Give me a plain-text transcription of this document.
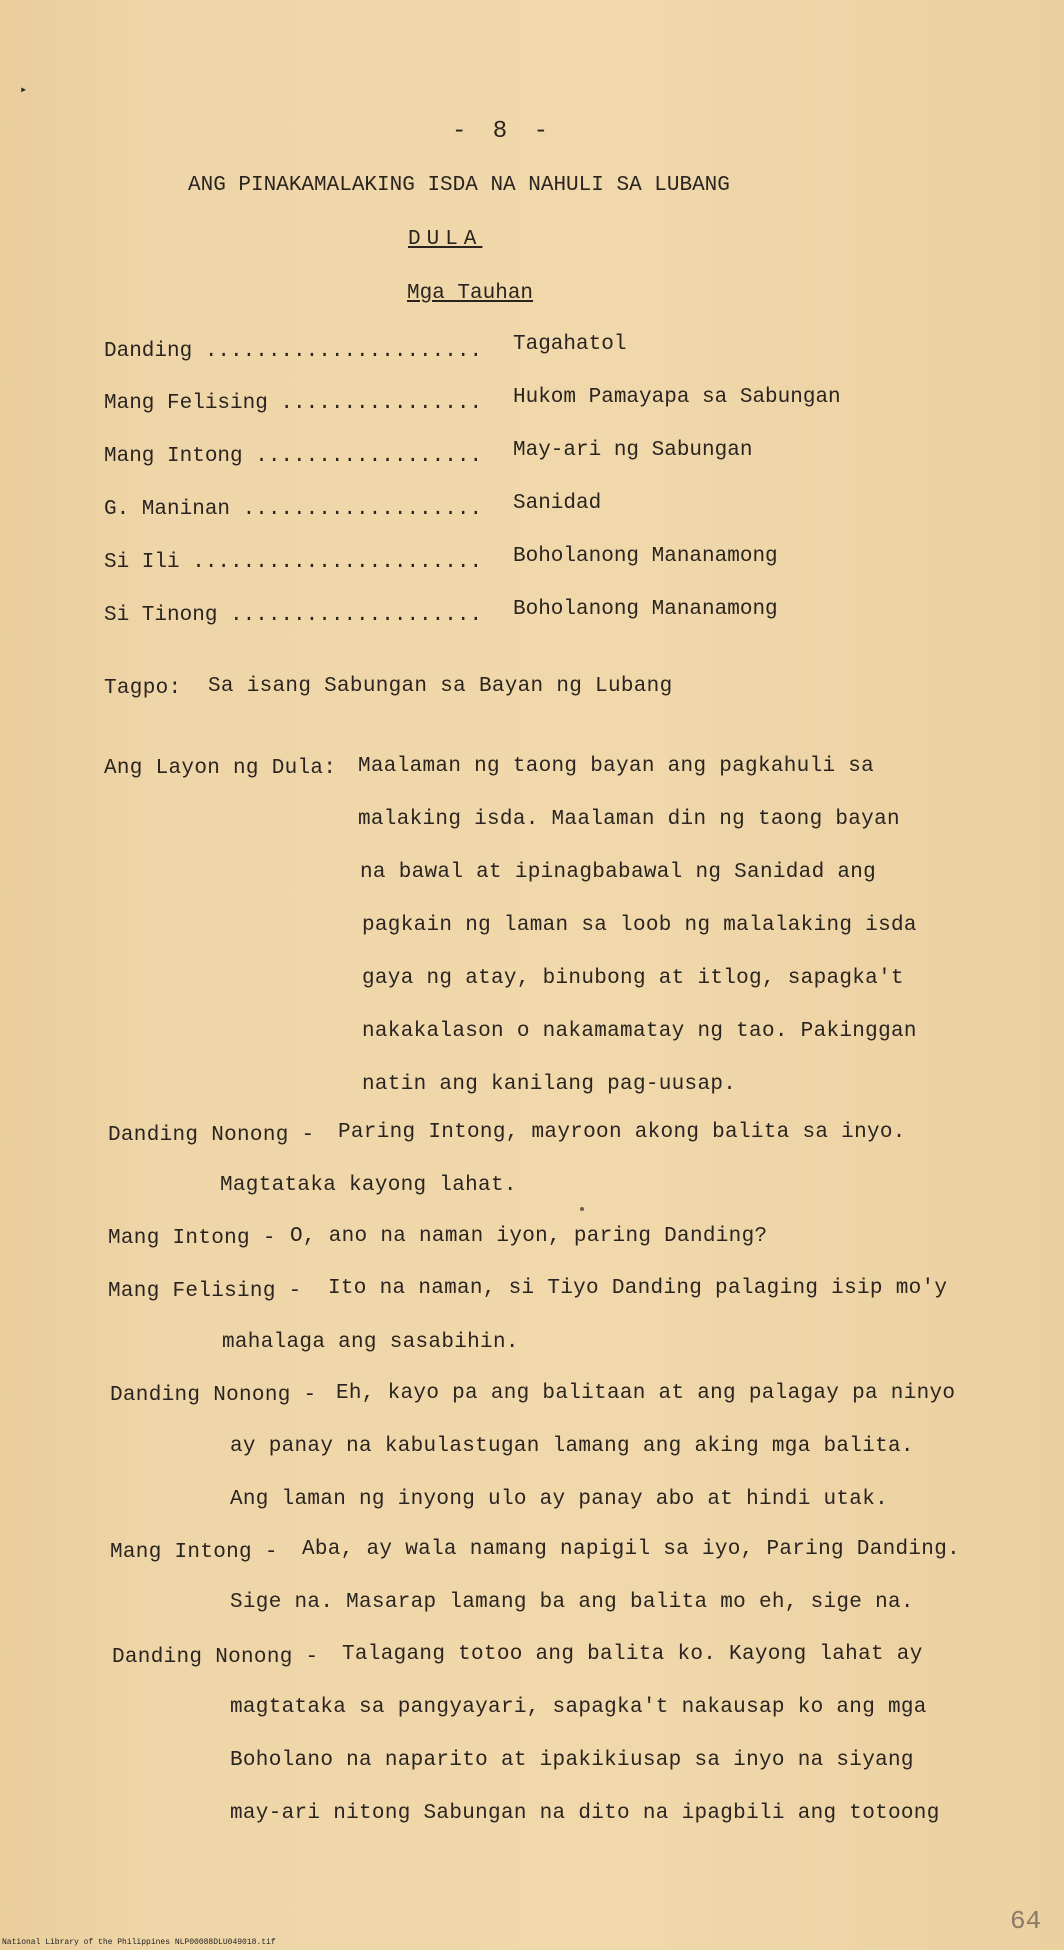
▸
- 8 -
ANG PINAKAMALAKING ISDA NA NAHULI SA LUBANG
DULA
Mga Tauhan
Danding ...................... Tagahatol
Mang Felising ................ Hukom Pamayapa sa Sabungan
Mang Intong .................. May-ari ng Sabungan
G. Maninan ................... Sanidad
Si Ili ....................... Boholanong Mananamong
Si Tinong .................... Boholanong Mananamong
Tagpo: Sa isang Sabungan sa Bayan ng Lubang
Ang Layon ng Dula: Maalaman ng taong bayan ang pagkahuli sa
malaking isda. Maalaman din ng taong bayan
na bawal at ipinagbabawal ng Sanidad ang
pagkain ng laman sa loob ng malalaking isda
gaya ng atay, binubong at itlog, sapagka't
nakakalason o nakamamatay ng tao. Pakinggan
natin ang kanilang pag-uusap.
Danding Nonong - Paring Intong, mayroon akong balita sa inyo.
Magtataka kayong lahat.
Mang Intong - O, ano na naman iyon, paring Danding?
Mang Felising - Ito na naman, si Tiyo Danding palaging isip mo'y
mahalaga ang sasabihin.
Danding Nonong - Eh, kayo pa ang balitaan at ang palagay pa ninyo
ay panay na kabulastugan lamang ang aking mga balita.
Ang laman ng inyong ulo ay panay abo at hindi utak.
Mang Intong - Aba, ay wala namang napigil sa iyo, Paring Danding.
Sige na. Masarap lamang ba ang balita mo eh, sige na.
Danding Nonong - Talagang totoo ang balita ko. Kayong lahat ay
magtataka sa pangyayari, sapagka't nakausap ko ang mga
Boholano na naparito at ipakikiusap sa inyo na siyang
may-ari nitong Sabungan na dito na ipagbili ang totoong
64
National Library of the Philippines NLP00088DLU049018.tif
